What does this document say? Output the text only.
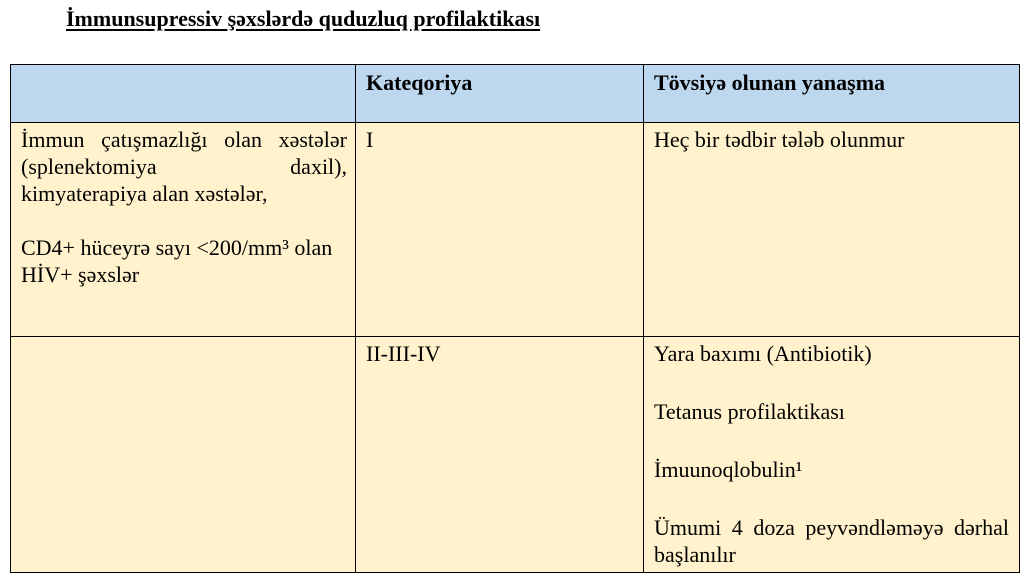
İmmunsupressiv şəxslərdə quduzluq profilaktikası
	Kateqoriya	Tövsiyə olunan yanaşma

İmmun çatışmazlığı olan xəstələr (splenektomiya daxil), kimyaterapiya alan xəstələr,
CD4+ hüceyrə sayı <200/mm³ olan HİV+ şəxslər	I	Heç bir tədbir tələb olunmur

	II-III-IV	Yara baxımı (Antibiotik)
Tetanus profilaktikası
İmuunoqlobulin¹
Ümumi 4 doza peyvəndləməyə dərhal başlanılır
